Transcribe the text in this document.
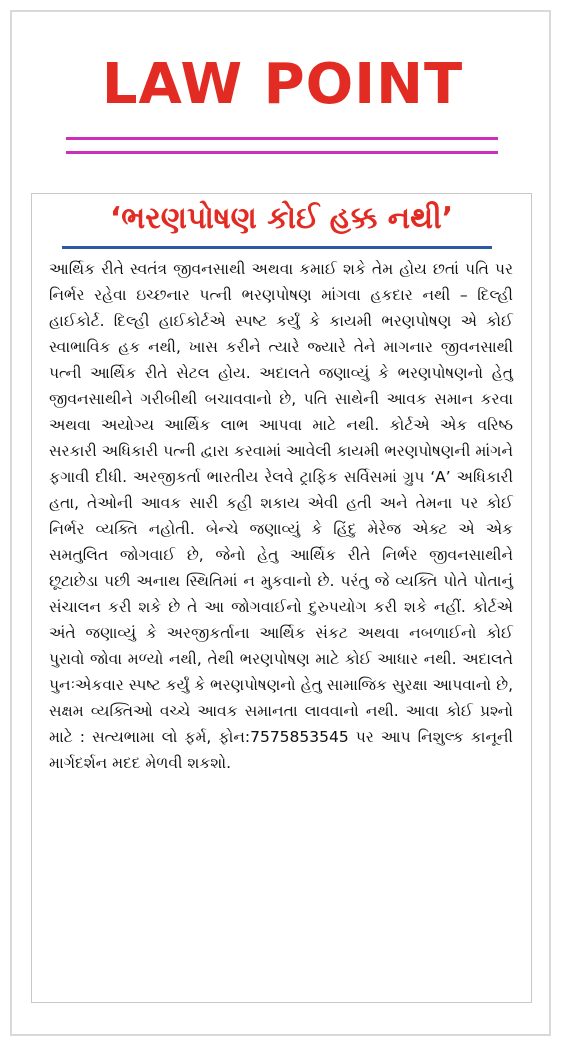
LAW POINT
‘ભરણપોષણ કોઈ હક્ક નથી’

આર્થિક રીતે સ્વતંત્ર જીવનસાથી અથવા કમાઈ શકે તેમ હોય છતાં પતિ પર નિર્ભર રહેવા ઇચ્છનાર પત્ની ભરણપોષણ માંગવા હકદાર નથી – દિલ્હી હાઈકોર્ટ. દિલ્હી હાઈકોર્ટએ સ્પષ્ટ કર્યું કે કાયમી ભરણપોષણ એ કોઈ સ્વાભાવિક હક નથી, ખાસ કરીને ત્યારે જ્યારે તેને માગનાર જીવનસાથી પત્ની આર્થિક રીતે સેટલ હોય. અદાલતે જણાવ્યું કે ભરણપોષણનો હેતુ જીવનસાથીને ગરીબીથી બચાવવાનો છે, પતિ સાથેની આવક સમાન કરવા અથવા અયોગ્ય આર્થિક લાભ આપવા માટે નથી. કોર્ટએ એક વરિષ્ઠ સરકારી અધિકારી પત્ની દ્વારા કરવામાં આવેલી કાયમી ભરણપોષણની માંગને ફગાવી દીધી. અરજીકર્તા ભારતીય રેલવે ટ્રાફિક સર્વિસમાં ગ્રુપ ‘A’ અધિકારી હતા, તેઓની આવક સારી કહી શકાય એવી હતી અને તેમના પર કોઈ નિર્ભર વ્યક્તિ નહોતી. બેન્ચે જણાવ્યું કે હિંદુ મેરેજ એક્ટ એ એક સમતુલિત જોગવાઈ છે, જેનો હેતુ આર્થિક રીતે નિર્ભર જીવનસાથીને છૂટાછેડા પછી અનાથ સ્થિતિમાં ન મુકવાનો છે. પરંતુ જે વ્યક્તિ પોતે પોતાનું સંચાલન કરી શકે છે તે આ જોગવાઈનો દુરુપયોગ કરી શકે નહીં. કોર્ટએ અંતે જણાવ્યું કે અરજીકર્તાના આર્થિક સંકટ અથવા નબળાઈનો કોઈ પુરાવો જોવા મળ્યો નથી, તેથી ભરણપોષણ માટે કોઈ આધાર નથી. અદાલતે પુનઃએકવાર સ્પષ્ટ કર્યું કે ભરણપોષણનો હેતુ સામાજિક સુરક્ષા આપવાનો છે, સક્ષમ વ્યક્તિઓ વચ્ચે આવક સમાનતા લાવવાનો નથી. આવા કોઈ પ્રશ્નો માટે : સત્યભામા લો ફર્મ, ફોન:7575853545 પર આપ નિશુલ્ક કાનૂની માર્ગદર્શન મદદ મેળવી શકશો.
